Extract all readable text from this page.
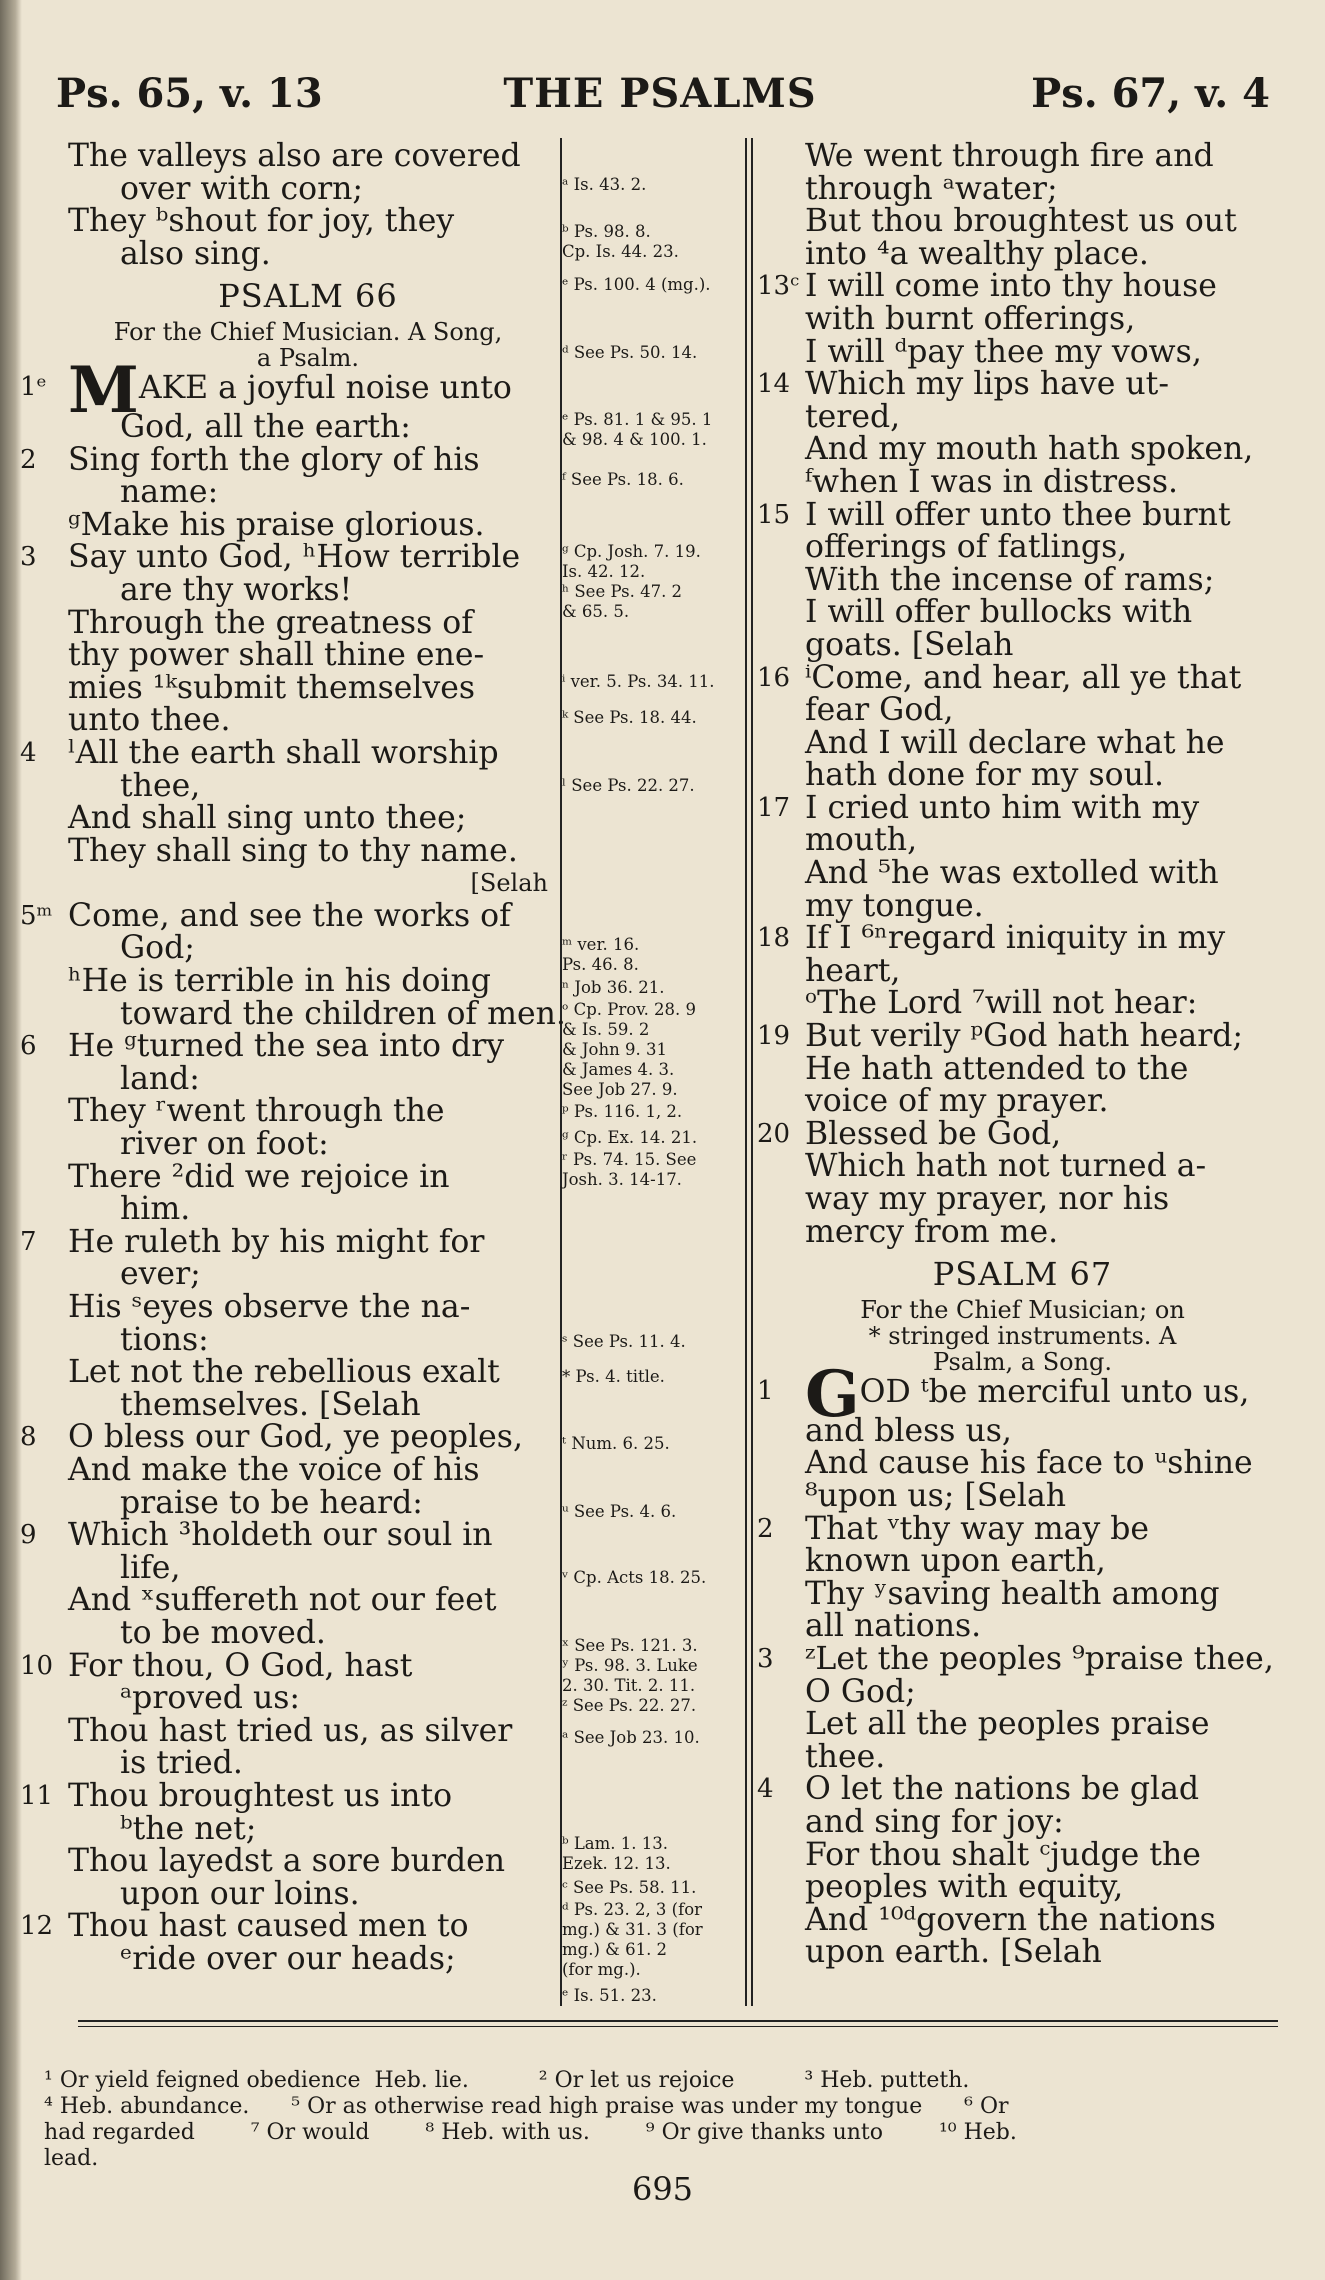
Ps. 65, v. 13	THE PSALMS	Ps. 67, v. 4
The valleys also are covered
over with corn;
They ᵇshout for joy, they
also sing.
PSALM 66
For the Chief Musician. A Song,
a Psalm.
1ᵉ MAKE a joyful noise unto
God, all the earth:
2 Sing forth the glory of his
name:
ᵍMake his praise glorious.
3 Say unto God, ʰHow terrible
are thy works!
Through the greatness of
thy power shall thine ene-
mies ¹ᵏsubmit themselves
unto thee.
4 ˡAll the earth shall worship
thee,
And shall sing unto thee;
They shall sing to thy name.
[Selah
5ᵐ Come, and see the works of
God;
ʰHe is terrible in his doing
toward the children of men.
6 He ᵍturned the sea into dry
land:
They ʳwent through the
river on foot:
There ²did we rejoice in
him.
7 He ruleth by his might for
ever;
His ˢeyes observe the na-
tions:
Let not the rebellious exalt
themselves. [Selah
8 O bless our God, ye peoples,
And make the voice of his
praise to be heard:
9 Which ³holdeth our soul in
life,
And ˣsuffereth not our feet
to be moved.
10 For thou, O God, hast
ᵃproved us:
Thou hast tried us, as silver
is tried.
11 Thou broughtest us into
ᵇthe net;
Thou layedst a sore burden
upon our loins.
12 Thou hast caused men to
ᵉride over our heads;
ᵃ Is. 43. 2.
ᵇ Ps. 98. 8.
Cp. Is. 44. 23.
ᵉ Ps. 100. 4 (mg.).
ᵈ See Ps. 50. 14.
ᵉ Ps. 81. 1 & 95. 1
& 98. 4 & 100. 1.
ᶠ See Ps. 18. 6.
ᵍ Cp. Josh. 7. 19.
Is. 42. 12.
ʰ See Ps. 47. 2
& 65. 5.
ⁱ ver. 5. Ps. 34. 11.
ᵏ See Ps. 18. 44.
ˡ See Ps. 22. 27.
ᵐ ver. 16.
Ps. 46. 8.
ⁿ Job 36. 21.
ᵒ Cp. Prov. 28. 9
& Is. 59. 2
& John 9. 31
& James 4. 3.
See Job 27. 9.
ᵖ Ps. 116. 1, 2.
ᵍ Cp. Ex. 14. 21.
ʳ Ps. 74. 15. See
Josh. 3. 14-17.
ˢ See Ps. 11. 4.
* Ps. 4. title.
ᵗ Num. 6. 25.
ᵘ See Ps. 4. 6.
ᵛ Cp. Acts 18. 25.
ˣ See Ps. 121. 3.
ʸ Ps. 98. 3. Luke
2. 30. Tit. 2. 11.
ᶻ See Ps. 22. 27.
ᵃ See Job 23. 10.
ᵇ Lam. 1. 13.
Ezek. 12. 13.
ᶜ See Ps. 58. 11.
ᵈ Ps. 23. 2, 3 (for
mg.) & 31. 3 (for
mg.) & 61. 2
(for mg.).
ᵉ Is. 51. 23.
We went through fire and
through ᵃwater;
But thou broughtest us out
into ⁴a wealthy place.
13ᶜ I will come into thy house
with burnt offerings,
I will ᵈpay thee my vows,
14 Which my lips have ut-
tered,
And my mouth hath spoken,
ᶠwhen I was in distress.
15 I will offer unto thee burnt
offerings of fatlings,
With the incense of rams;
I will offer bullocks with
goats. [Selah
16 ⁱCome, and hear, all ye that
fear God,
And I will declare what he
hath done for my soul.
17 I cried unto him with my
mouth,
And ⁵he was extolled with
my tongue.
18 If I ⁶ⁿregard iniquity in my
heart,
ᵒThe Lord ⁷will not hear:
19 But verily ᵖGod hath heard;
He hath attended to the
voice of my prayer.
20 Blessed be God,
Which hath not turned a-
way my prayer, nor his
mercy from me.
PSALM 67
For the Chief Musician; on
* stringed instruments. A
Psalm, a Song.
1 GOD ᵗbe merciful unto us,
and bless us,
And cause his face to ᵘshine
⁸upon us; [Selah
2 That ᵛthy way may be
known upon earth,
Thy ʸsaving health among
all nations.
3 ᶻLet the peoples ⁹praise thee,
O God;
Let all the peoples praise
thee.
4 O let the nations be glad
and sing for joy:
For thou shalt ᶜjudge the
peoples with equity,
And ¹⁰ᵈgovern the nations
upon earth. [Selah
¹ Or yield feigned obedience  Heb. lie.          ² Or let us rejoice          ³ Heb. putteth.
⁴ Heb. abundance.      ⁵ Or as otherwise read high praise was under my tongue      ⁶ Or
had regarded        ⁷ Or would        ⁸ Heb. with us.        ⁹ Or give thanks unto        ¹⁰ Heb.
lead.
695
